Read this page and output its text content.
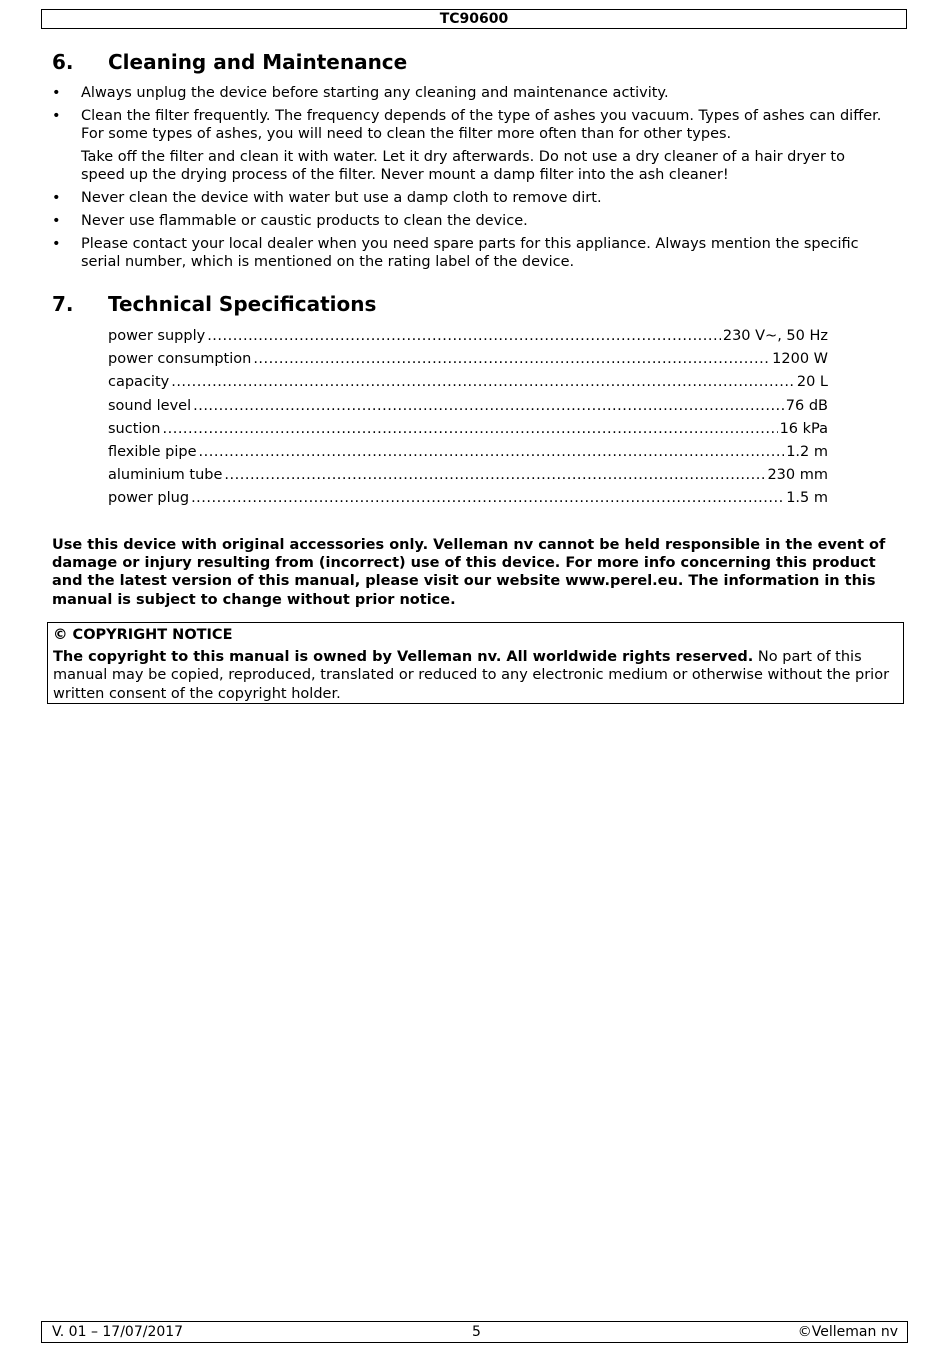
TC90600
6. Cleaning and Maintenance
• Always unplug the device before starting any cleaning and maintenance activity.

• Clean the filter frequently. The frequency depends of the type of ashes you vacuum. Types of ashes can differ. For some types of ashes, you will need to clean the filter more often than for other types.

Take off the filter and clean it with water. Let it dry afterwards. Do not use a dry cleaner of a hair dryer to speed up the drying process of the filter. Never mount a damp filter into the ash cleaner!

• Never clean the device with water but use a damp cloth to remove dirt.

• Never use flammable or caustic products to clean the device.

• Please contact your local dealer when you need spare parts for this appliance. Always mention the specific serial number, which is mentioned on the rating label of the device.

7. Technical Specifications
power supply .....	230 V~, 50 Hz
power consumption .....	1200 W
capacity .....	20 L
sound level .....	76 dB
suction .....	16 kPa
flexible pipe .....	1.2 m
aluminium tube .....	230 mm
power plug .....	1.5 m
Use this device with original accessories only. Velleman nv cannot be held responsible in the event of damage or injury resulting from (incorrect) use of this device. For more info concerning this product and the latest version of this manual, please visit our website www.perel.eu. The information in this manual is subject to change without prior notice.
© COPYRIGHT NOTICE
The copyright to this manual is owned by Velleman nv. All worldwide rights reserved. No part of this manual may be copied, reproduced, translated or reduced to any electronic medium or otherwise without the prior written consent of the copyright holder.
V. 01 – 17/07/2017	5	©Velleman nv
